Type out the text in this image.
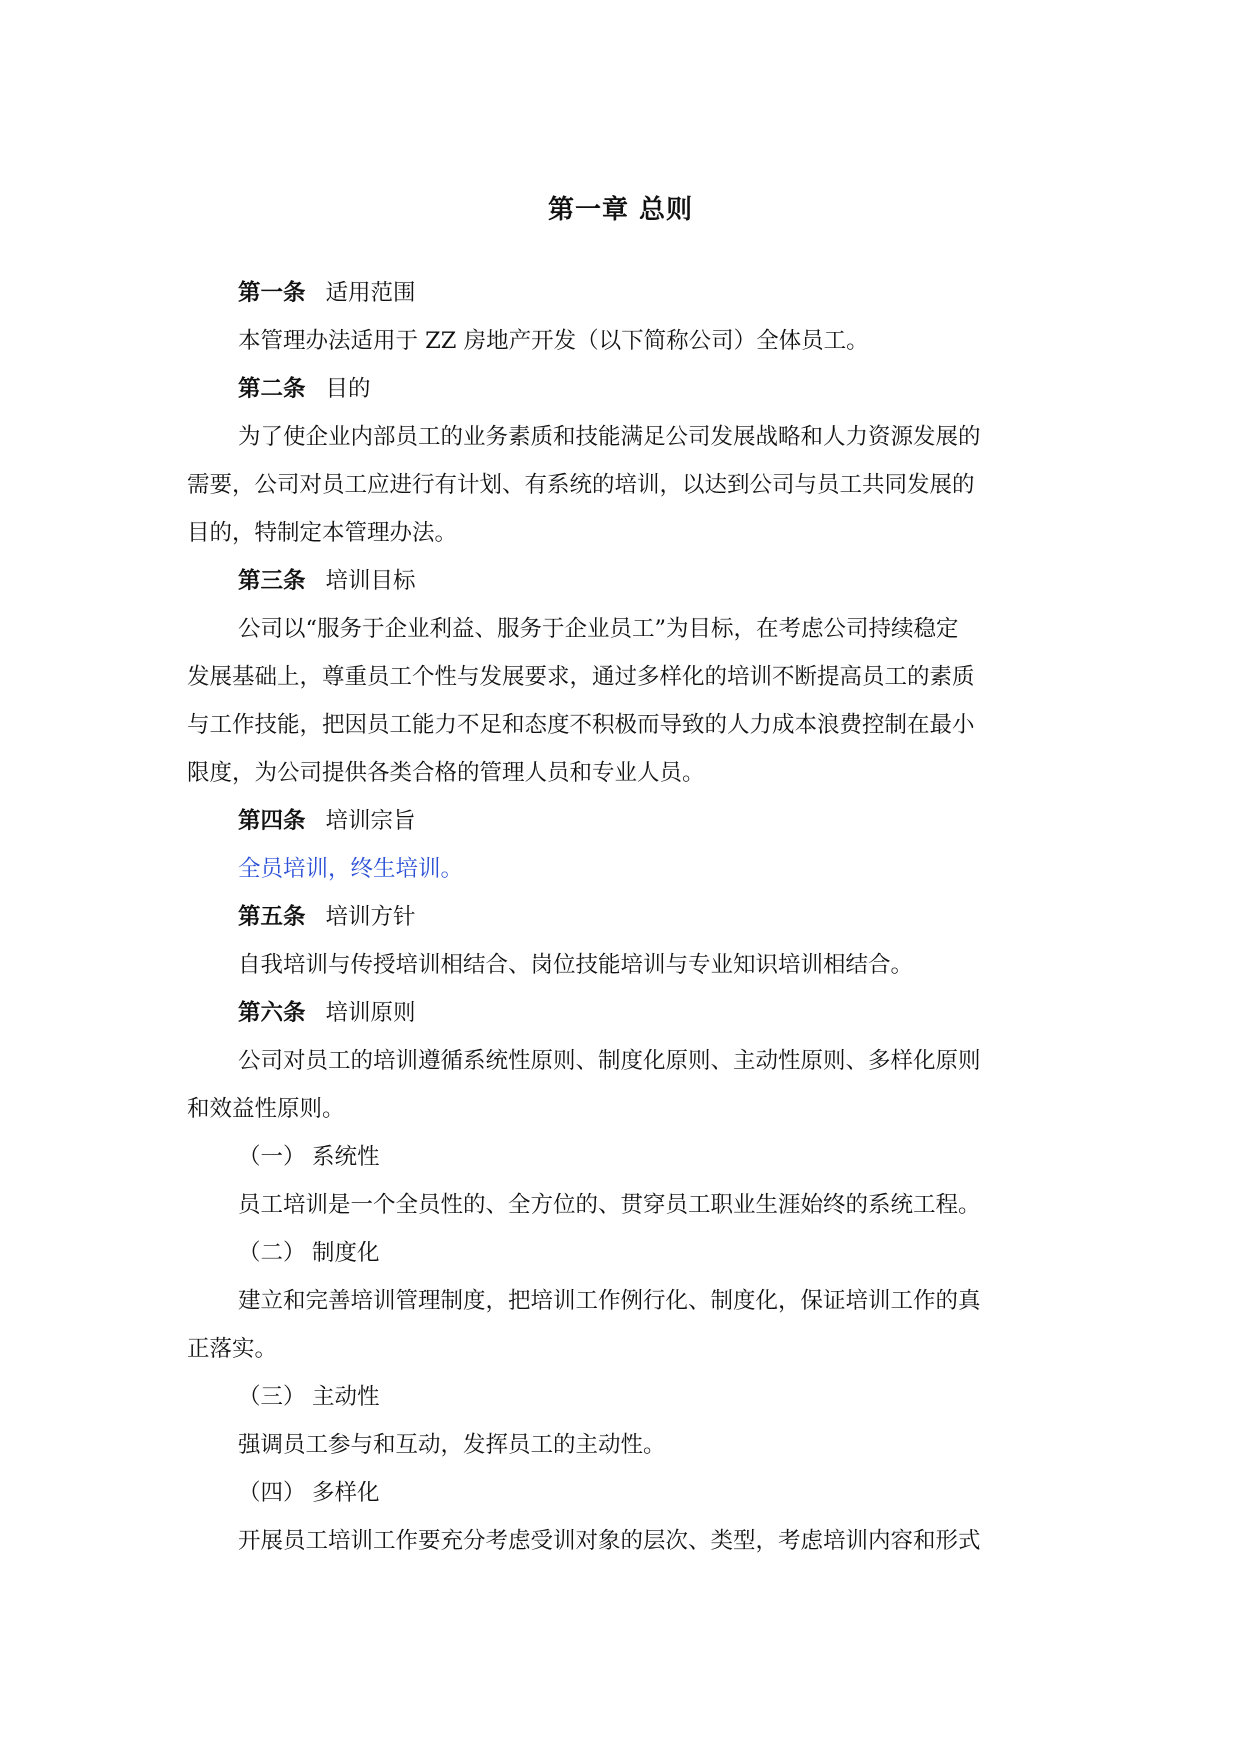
第一章 总则

第一条 适用范围

本管理办法适用于 ZZ 房地产开发（以下简称公司）全体员工。

第二条 目的

为了使企业内部员工的业务素质和技能满足公司发展战略和人力资源发展的

需要，公司对员工应进行有计划、有系统的培训，以达到公司与员工共同发展的

目的，特制定本管理办法。

第三条 培训目标

公司以“服务于企业利益、服务于企业员工”为目标，在考虑公司持续稳定

发展基础上，尊重员工个性与发展要求，通过多样化的培训不断提高员工的素质

与工作技能，把因员工能力不足和态度不积极而导致的人力成本浪费控制在最小

限度，为公司提供各类合格的管理人员和专业人员。

第四条 培训宗旨

全员培训，终生培训。

第五条 培训方针

自我培训与传授培训相结合、岗位技能培训与专业知识培训相结合。

第六条 培训原则

公司对员工的培训遵循系统性原则、制度化原则、主动性原则、多样化原则

和效益性原则。

（一） 系统性

员工培训是一个全员性的、全方位的、贯穿员工职业生涯始终的系统工程。

（二） 制度化

建立和完善培训管理制度，把培训工作例行化、制度化，保证培训工作的真

正落实。

（三） 主动性

强调员工参与和互动，发挥员工的主动性。

（四） 多样化

开展员工培训工作要充分考虑受训对象的层次、类型，考虑培训内容和形式
